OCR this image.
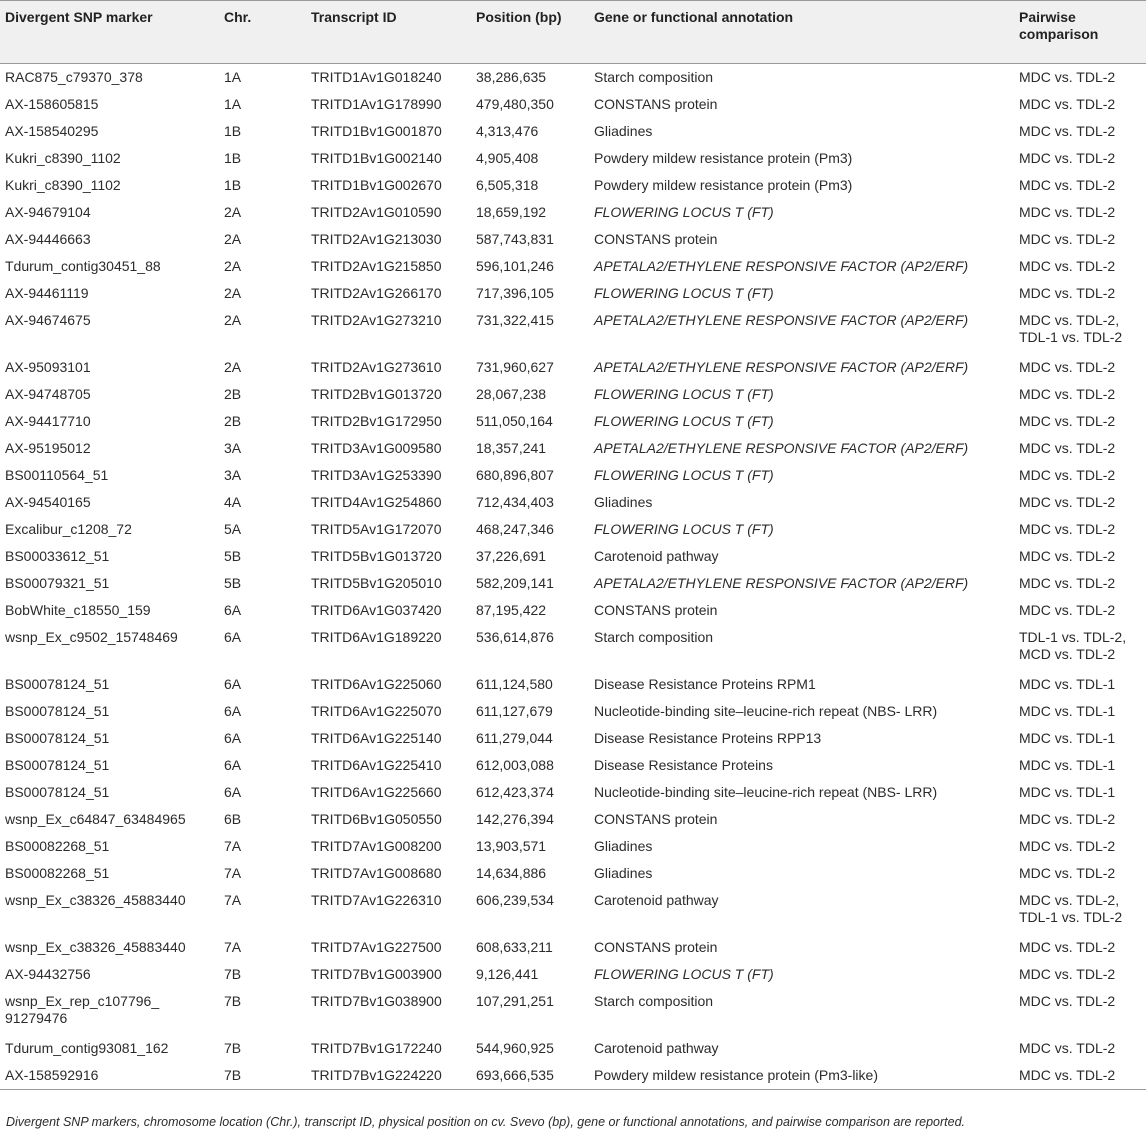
Divergent SNP marker	Chr.	Transcript ID	Position (bp)	Gene or functional annotation	Pairwise comparison
RAC875_c79370_378	1A	TRITD1Av1G018240	38,286,635	Starch composition	MDC vs. TDL-2
AX-158605815	1A	TRITD1Av1G178990	479,480,350	CONSTANS protein	MDC vs. TDL-2
AX-158540295	1B	TRITD1Bv1G001870	4,313,476	Gliadines	MDC vs. TDL-2
Kukri_c8390_1102	1B	TRITD1Bv1G002140	4,905,408	Powdery mildew resistance protein (Pm3)	MDC vs. TDL-2
Kukri_c8390_1102	1B	TRITD1Bv1G002670	6,505,318	Powdery mildew resistance protein (Pm3)	MDC vs. TDL-2
AX-94679104	2A	TRITD2Av1G010590	18,659,192	FLOWERING LOCUS T (FT)	MDC vs. TDL-2
AX-94446663	2A	TRITD2Av1G213030	587,743,831	CONSTANS protein	MDC vs. TDL-2
Tdurum_contig30451_88	2A	TRITD2Av1G215850	596,101,246	APETALA2/ETHYLENE RESPONSIVE FACTOR (AP2/ERF)	MDC vs. TDL-2
AX-94461119	2A	TRITD2Av1G266170	717,396,105	FLOWERING LOCUS T (FT)	MDC vs. TDL-2
AX-94674675	2A	TRITD2Av1G273210	731,322,415	APETALA2/ETHYLENE RESPONSIVE FACTOR (AP2/ERF)	MDC vs. TDL-2, TDL-1 vs. TDL-2
AX-95093101	2A	TRITD2Av1G273610	731,960,627	APETALA2/ETHYLENE RESPONSIVE FACTOR (AP2/ERF)	MDC vs. TDL-2
AX-94748705	2B	TRITD2Bv1G013720	28,067,238	FLOWERING LOCUS T (FT)	MDC vs. TDL-2
AX-94417710	2B	TRITD2Bv1G172950	511,050,164	FLOWERING LOCUS T (FT)	MDC vs. TDL-2
AX-95195012	3A	TRITD3Av1G009580	18,357,241	APETALA2/ETHYLENE RESPONSIVE FACTOR (AP2/ERF)	MDC vs. TDL-2
BS00110564_51	3A	TRITD3Av1G253390	680,896,807	FLOWERING LOCUS T (FT)	MDC vs. TDL-2
AX-94540165	4A	TRITD4Av1G254860	712,434,403	Gliadines	MDC vs. TDL-2
Excalibur_c1208_72	5A	TRITD5Av1G172070	468,247,346	FLOWERING LOCUS T (FT)	MDC vs. TDL-2
BS00033612_51	5B	TRITD5Bv1G013720	37,226,691	Carotenoid pathway	MDC vs. TDL-2
BS00079321_51	5B	TRITD5Bv1G205010	582,209,141	APETALA2/ETHYLENE RESPONSIVE FACTOR (AP2/ERF)	MDC vs. TDL-2
BobWhite_c18550_159	6A	TRITD6Av1G037420	87,195,422	CONSTANS protein	MDC vs. TDL-2
wsnp_Ex_c9502_15748469	6A	TRITD6Av1G189220	536,614,876	Starch composition	TDL-1 vs. TDL-2, MCD vs. TDL-2
BS00078124_51	6A	TRITD6Av1G225060	611,124,580	Disease Resistance Proteins RPM1	MDC vs. TDL-1
BS00078124_51	6A	TRITD6Av1G225070	611,127,679	Nucleotide-binding site–leucine-rich repeat (NBS- LRR)	MDC vs. TDL-1
BS00078124_51	6A	TRITD6Av1G225140	611,279,044	Disease Resistance Proteins RPP13	MDC vs. TDL-1
BS00078124_51	6A	TRITD6Av1G225410	612,003,088	Disease Resistance Proteins	MDC vs. TDL-1
BS00078124_51	6A	TRITD6Av1G225660	612,423,374	Nucleotide-binding site–leucine-rich repeat (NBS- LRR)	MDC vs. TDL-1
wsnp_Ex_c64847_63484965	6B	TRITD6Bv1G050550	142,276,394	CONSTANS protein	MDC vs. TDL-2
BS00082268_51	7A	TRITD7Av1G008200	13,903,571	Gliadines	MDC vs. TDL-2
BS00082268_51	7A	TRITD7Av1G008680	14,634,886	Gliadines	MDC vs. TDL-2
wsnp_Ex_c38326_45883440	7A	TRITD7Av1G226310	606,239,534	Carotenoid pathway	MDC vs. TDL-2, TDL-1 vs. TDL-2
wsnp_Ex_c38326_45883440	7A	TRITD7Av1G227500	608,633,211	CONSTANS protein	MDC vs. TDL-2
AX-94432756	7B	TRITD7Bv1G003900	9,126,441	FLOWERING LOCUS T (FT)	MDC vs. TDL-2
wsnp_Ex_rep_c107796_ 91279476	7B	TRITD7Bv1G038900	107,291,251	Starch composition	MDC vs. TDL-2
Tdurum_contig93081_162	7B	TRITD7Bv1G172240	544,960,925	Carotenoid pathway	MDC vs. TDL-2
AX-158592916	7B	TRITD7Bv1G224220	693,666,535	Powdery mildew resistance protein (Pm3-like)	MDC vs. TDL-2
Divergent SNP markers, chromosome location (Chr.), transcript ID, physical position on cv. Svevo (bp), gene or functional annotations, and pairwise comparison are reported.
